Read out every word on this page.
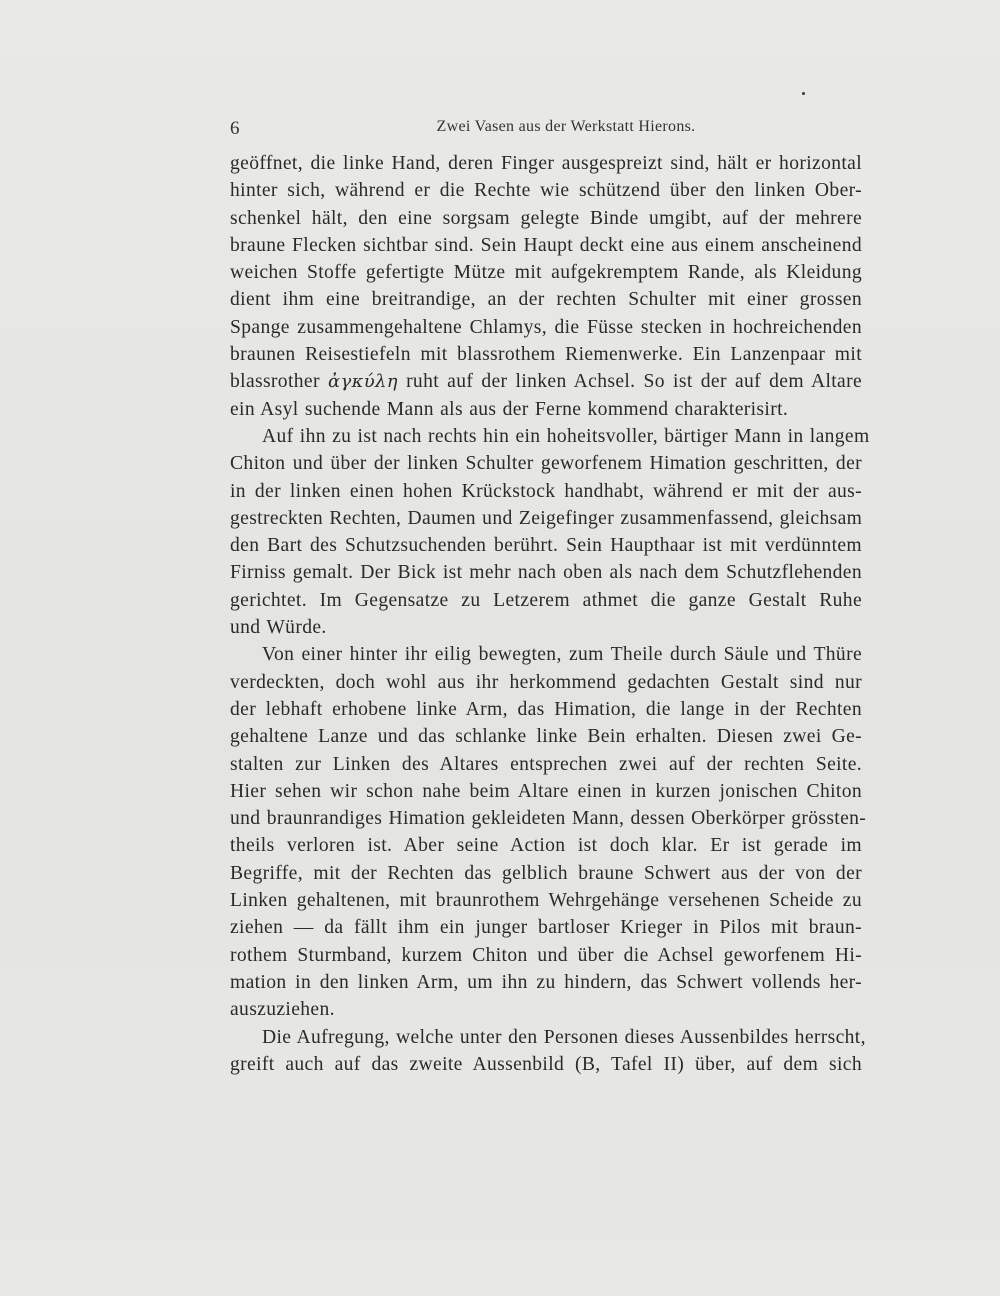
6	Zwei Vasen aus der Werkstatt Hierons.
geöffnet, die linke Hand, deren Finger ausgespreizt sind, hält er horizontal
hinter sich, während er die Rechte wie schützend über den linken Ober-
schenkel hält, den eine sorgsam gelegte Binde umgibt, auf der mehrere
braune Flecken sichtbar sind. Sein Haupt deckt eine aus einem anscheinend
weichen Stoffe gefertigte Mütze mit aufgekremptem Rande, als Kleidung
dient ihm eine breitrandige, an der rechten Schulter mit einer grossen
Spange zusammengehaltene Chlamys, die Füsse stecken in hochreichenden
braunen Reisestiefeln mit blassrothem Riemenwerke. Ein Lanzenpaar mit
blassrother ἀγκύλη ruht auf der linken Achsel. So ist der auf dem Altare
ein Asyl suchende Mann als aus der Ferne kommend charakterisirt.
Auf ihn zu ist nach rechts hin ein hoheitsvoller, bärtiger Mann in langem
Chiton und über der linken Schulter geworfenem Himation geschritten, der
in der linken einen hohen Krückstock handhabt, während er mit der aus-
gestreckten Rechten, Daumen und Zeigefinger zusammenfassend, gleichsam
den Bart des Schutzsuchenden berührt. Sein Haupthaar ist mit verdünntem
Firniss gemalt. Der Bick ist mehr nach oben als nach dem Schutzflehenden
gerichtet. Im Gegensatze zu Letzerem athmet die ganze Gestalt Ruhe
und Würde.
Von einer hinter ihr eilig bewegten, zum Theile durch Säule und Thüre
verdeckten, doch wohl aus ihr herkommend gedachten Gestalt sind nur
der lebhaft erhobene linke Arm, das Himation, die lange in der Rechten
gehaltene Lanze und das schlanke linke Bein erhalten. Diesen zwei Ge-
stalten zur Linken des Altares entsprechen zwei auf der rechten Seite.
Hier sehen wir schon nahe beim Altare einen in kurzen jonischen Chiton
und braunrandiges Himation gekleideten Mann, dessen Oberkörper grössten-
theils verloren ist. Aber seine Action ist doch klar. Er ist gerade im
Begriffe, mit der Rechten das gelblich braune Schwert aus der von der
Linken gehaltenen, mit braunrothem Wehrgehänge versehenen Scheide zu
ziehen — da fällt ihm ein junger bartloser Krieger in Pilos mit braun-
rothem Sturmband, kurzem Chiton und über die Achsel geworfenem Hi-
mation in den linken Arm, um ihn zu hindern, das Schwert vollends her-
auszuziehen.
Die Aufregung, welche unter den Personen dieses Aussenbildes herrscht,
greift auch auf das zweite Aussenbild (B, Tafel II) über, auf dem sich
